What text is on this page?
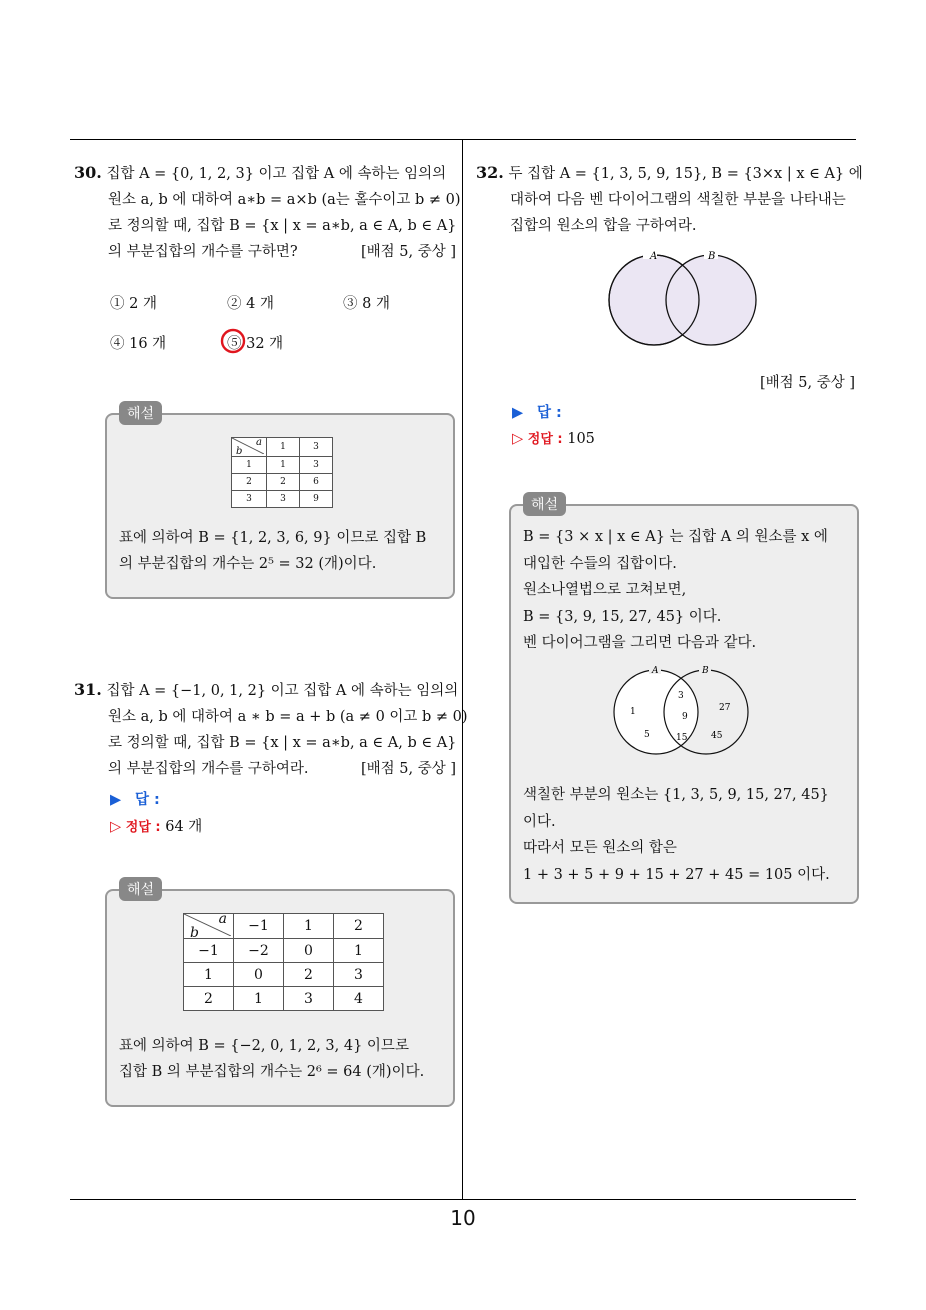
30. 집합 A = {0, 1, 2, 3} 이고 집합 A 에 속하는 임의의
원소 a, b 에 대하여 a∗b = a×b (a는 홀수이고 b ≠ 0)
로 정의할 때, 집합 B = {x | x = a∗b, a ∈ A, b ∈ A}
의 부분집합의 개수를 구하면?	[배점 5, 중상 ]
① 2 개	② 4 개	③ 8 개
④ 16 개	⑤ 32 개
a
b	1	3
1	1	3
2	2	6
3	3	9
표에 의하여 B = {1, 2, 3, 6, 9} 이므로 집합 B
의 부분집합의 개수는 2⁵ = 32 (개)이다.
해설
31. 집합 A = {−1, 0, 1, 2} 이고 집합 A 에 속하는 임의의
원소 a, b 에 대하여 a ∗ b = a + b (a ≠ 0 이고 b ≠ 0)
로 정의할 때, 집합 B = {x | x = a∗b, a ∈ A, b ∈ A}
의 부분집합의 개수를 구하여라.	[배점 5, 중상 ]
▶ 답 :
▷ 정답 : 64 개
a
b	−1	1	2
−1	−2	0	1
1	0	2	3
2	1	3	4
표에 의하여 B = {−2, 0, 1, 2, 3, 4} 이므로
집합 B 의 부분집합의 개수는 2⁶ = 64 (개)이다.
해설
32. 두 집합 A = {1, 3, 5, 9, 15}, B = {3×x | x ∈ A} 에
대하여 다음 벤 다이어그램의 색칠한 부분을 나타내는
집합의 원소의 합을 구하여라.
A	B
[배점 5, 중상 ]
▶ 답 :
▷ 정답 : 105
B = {3 × x | x ∈ A} 는 집합 A 의 원소를 x 에
대입한 수들의 집합이다.
원소나열법으로 고쳐보면,
B = {3, 9, 15, 27, 45} 이다.
벤 다이어그램을 그리면 다음과 같다.
A	B
1
5
3
9
15
27
45
색칠한 부분의 원소는 {1, 3, 5, 9, 15, 27, 45}
이다.
따라서 모든 원소의 합은
1 + 3 + 5 + 9 + 15 + 27 + 45 = 105 이다.
해설
10
